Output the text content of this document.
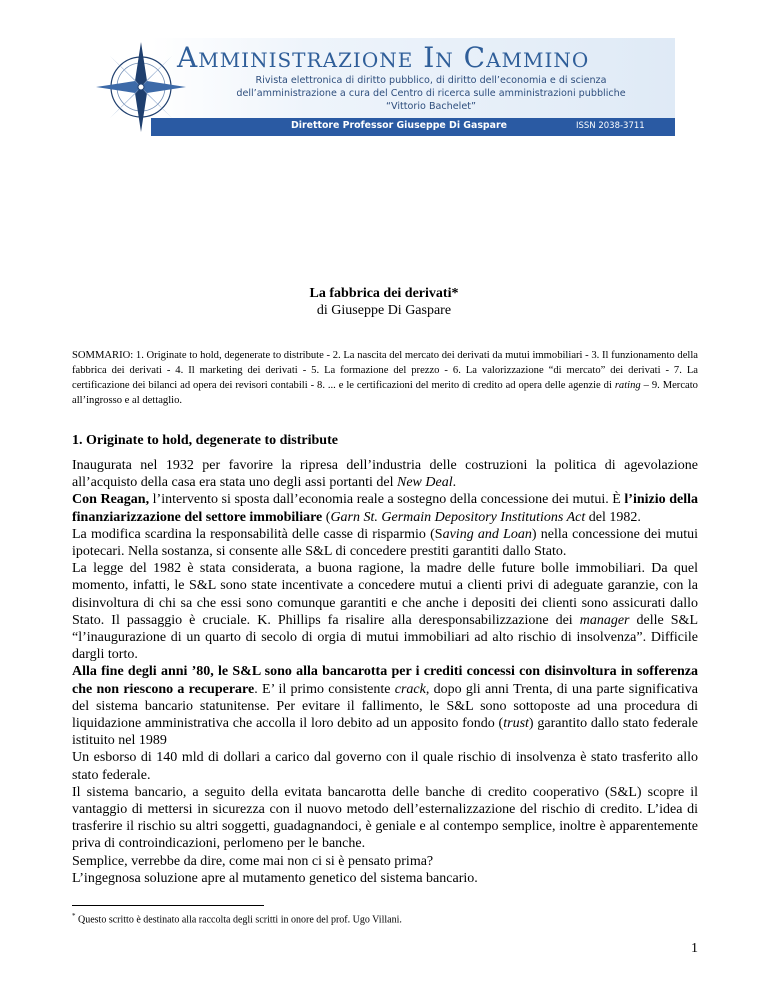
Amministrazione In Cammino
Rivista elettronica di diritto pubblico, di diritto dell’economia e di scienza
dell’amministrazione a cura del Centro di ricerca sulle amministrazioni pubbliche
“Vittorio Bachelet”
Direttore Professor Giuseppe Di Gaspare	ISSN 2038-3711
La fabbrica dei derivati*
di Giuseppe Di Gaspare
SOMMARIO: 1. Originate to hold, degenerate to distribute - 2. La nascita del mercato dei derivati da mutui immobiliari - 3. Il funzionamento della fabbrica dei derivati - 4. Il marketing dei derivati - 5. La formazione del prezzo - 6. La valorizzazione “di mercato” dei derivati - 7. La certificazione dei bilanci ad opera dei revisori contabili - 8. ... e le certificazioni del merito di credito ad opera delle agenzie di rating – 9. Mercato all’ingrosso e al dettaglio.
1. Originate to hold, degenerate to distribute

Inaugurata nel 1932 per favorire la ripresa dell’industria delle costruzioni la politica di agevolazione all’acquisto della casa era stata uno degli assi portanti del New Deal.

Con Reagan, l’intervento si sposta dall’economia reale a sostegno della concessione dei mutui. È l’inizio della finanziarizzazione del settore immobiliare (Garn St. Germain Depository Institutions Act del 1982.

La modifica scardina la responsabilità delle casse di risparmio (Saving and Loan) nella concessione dei mutui ipotecari. Nella sostanza, si consente alle S&L di concedere prestiti garantiti dallo Stato.

La legge del 1982 è stata considerata, a buona ragione, la madre delle future bolle immobiliari. Da quel momento, infatti, le S&L sono state incentivate a concedere mutui a clienti privi di adeguate garanzie, con la disinvoltura di chi sa che essi sono comunque garantiti e che anche i depositi dei clienti sono assicurati dallo Stato. Il passaggio è cruciale. K. Phillips fa risalire alla deresponsabilizzazione dei manager delle S&L “l’inaugurazione di un quarto di secolo di orgia di mutui immobiliari ad alto rischio di insolvenza”. Difficile dargli torto.

Alla fine degli anni ’80, le S&L sono alla bancarotta per i crediti concessi con disinvoltura in sofferenza che non riescono a recuperare. E’ il primo consistente crack, dopo gli anni Trenta, di una parte significativa del sistema bancario statunitense. Per evitare il fallimento, le S&L sono sottoposte ad una procedura di liquidazione amministrativa che accolla il loro debito ad un apposito fondo (trust) garantito dallo stato federale istituito nel 1989

Un esborso di 140 mld di dollari a carico dal governo con il quale rischio di insolvenza è stato trasferito allo stato federale.

Il sistema bancario, a seguito della evitata bancarotta delle banche di credito cooperativo (S&L) scopre il vantaggio di mettersi in sicurezza con il nuovo metodo dell’esternalizzazione del rischio di credito. L’idea di trasferire il rischio su altri soggetti, guadagnandoci, è geniale e al contempo semplice, inoltre è apparentemente priva di controindicazioni, perlomeno per le banche.

Semplice, verrebbe da dire, come mai non ci si è pensato prima?

L’ingegnosa soluzione apre al mutamento genetico del sistema bancario.

* Questo scritto è destinato alla raccolta degli scritti in onore del prof. Ugo Villani.
1
